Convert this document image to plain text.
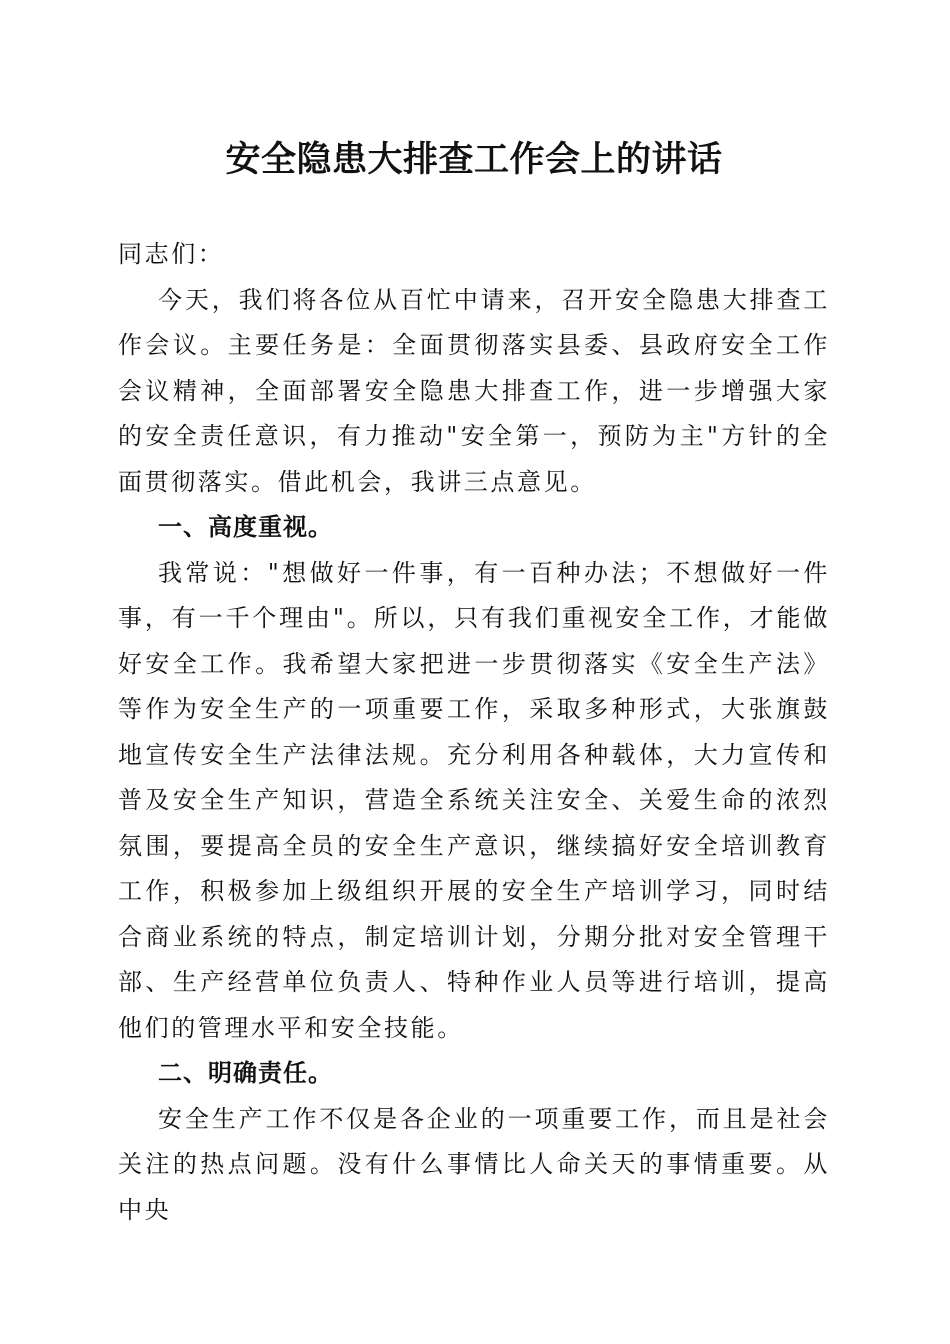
安全隐患大排查工作会上的讲话

同志们：

今天，我们将各位从百忙中请来，召开安全隐患大排查工作会议。主要任务是：全面贯彻落实县委、县政府安全工作会议精神，全面部署安全隐患大排查工作，进一步增强大家的安全责任意识，有力推动"安全第一，预防为主"方针的全面贯彻落实。借此机会，我讲三点意见。

一、高度重视。

我常说："想做好一件事，有一百种办法；不想做好一件事，有一千个理由"。所以，只有我们重视安全工作，才能做好安全工作。我希望大家把进一步贯彻落实《安全生产法》等作为安全生产的一项重要工作，采取多种形式，大张旗鼓地宣传安全生产法律法规。充分利用各种载体，大力宣传和普及安全生产知识，营造全系统关注安全、关爱生命的浓烈氛围，要提高全员的安全生产意识，继续搞好安全培训教育工作，积极参加上级组织开展的安全生产培训学习，同时结合商业系统的特点，制定培训计划，分期分批对安全管理干部、生产经营单位负责人、特种作业人员等进行培训，提高他们的管理水平和安全技能。

二、明确责任。

安全生产工作不仅是各企业的一项重要工作，而且是社会关注的热点问题。没有什么事情比人命关天的事情重要。从中央
